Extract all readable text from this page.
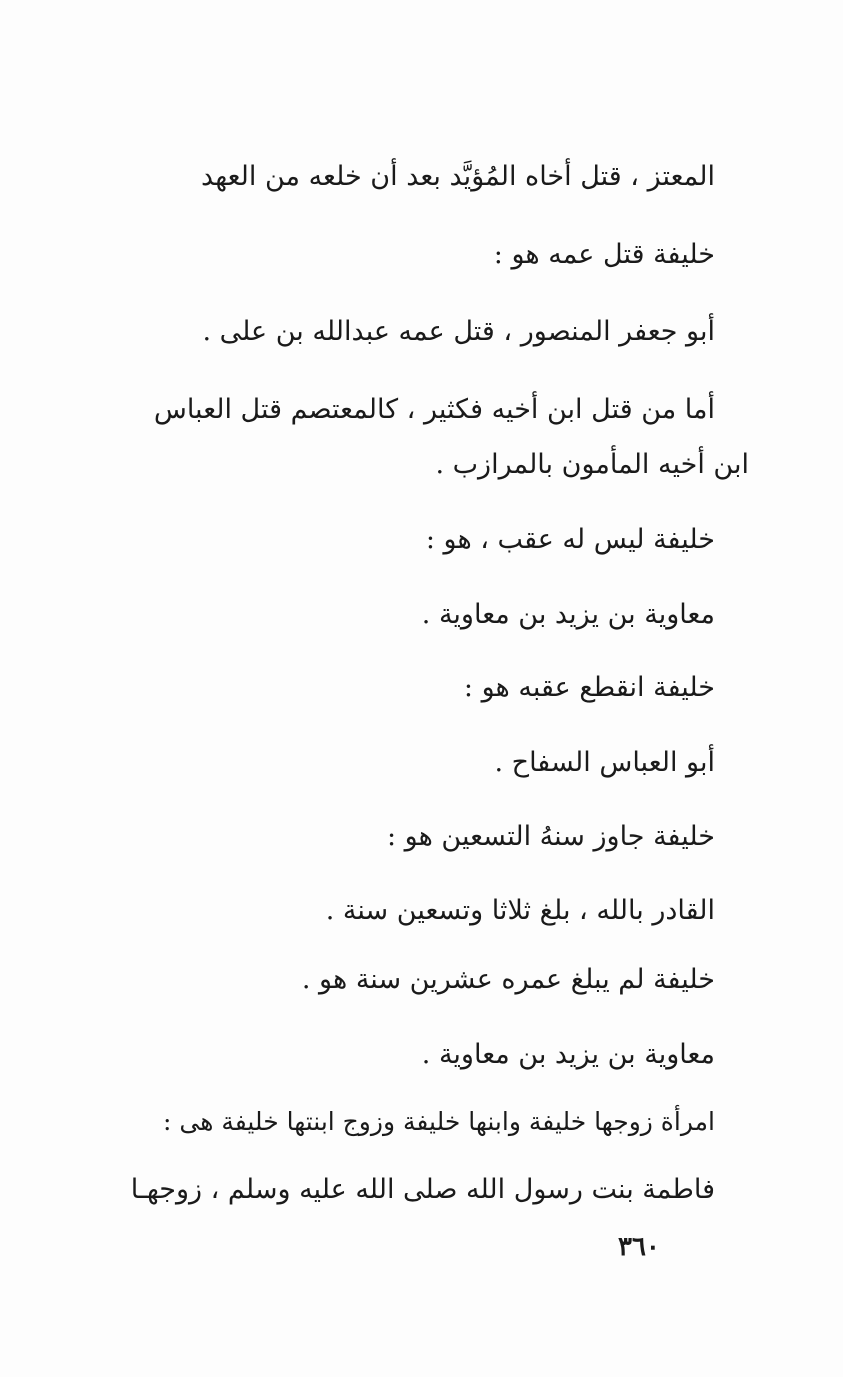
المعتز ، قتل أخاه المُؤيَّد بعد أن خلعه من العهد
خليفة قتل عمه هو :
أبو جعفر المنصور ، قتل عمه عبدالله بن على .
أما من قتل ابن أخيه فكثير ، كالمعتصم قتل العباس
ابن أخيه المأمون بالمرازب .
خليفة ليس له عقب ، هو :
معاوية بن يزيد بن معاوية .
خليفة انقطع عقبه هو :
أبو العباس السفاح .
خليفة جاوز سنهُ التسعين هو :
القادر بالله ، بلغ ثلاثا وتسعين سنة .
خليفة لم يبلغ عمره عشرين سنة هو .
معاوية بن يزيد بن معاوية .
امرأة زوجها خليفة وابنها خليفة وزوج ابنتها خليفة هى :
فاطمة بنت رسول الله صلى الله عليه وسلم ، زوجهـا
٣٦٠
